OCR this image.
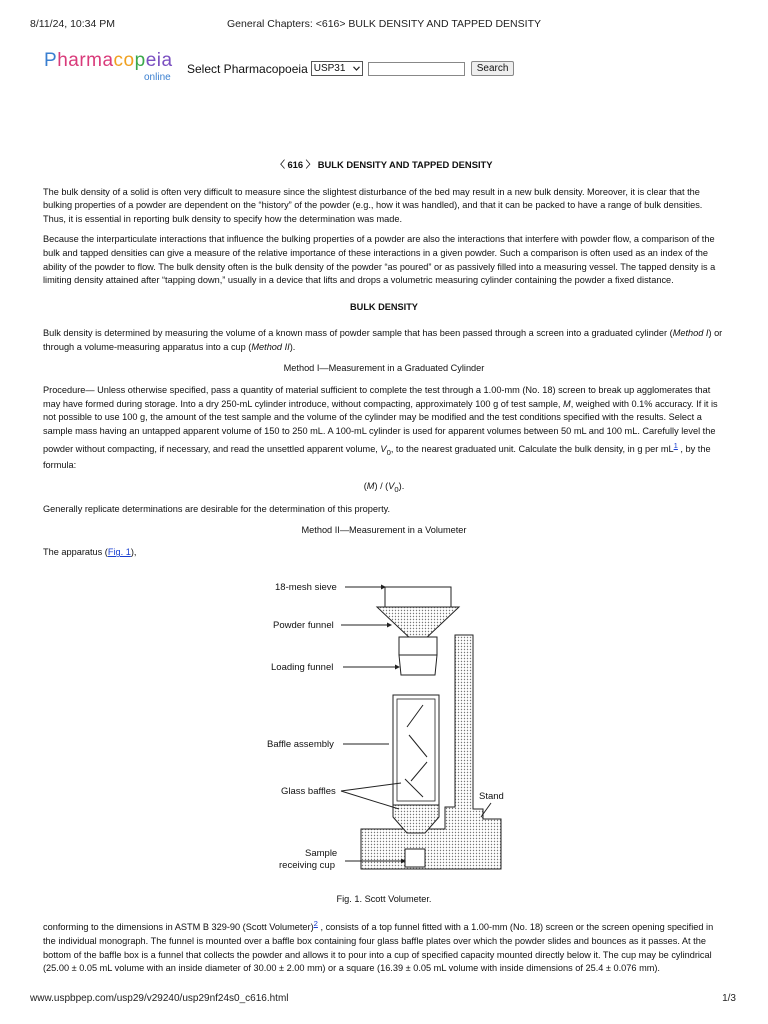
8/11/24, 10:34 PM	General Chapters: <616> BULK DENSITY AND TAPPED DENSITY
Pharmacopeia
online
Select Pharmacopoeia USP31	Search
〈 616 〉 BULK DENSITY AND TAPPED DENSITY

The bulk density of a solid is often very difficult to measure since the slightest disturbance of the bed may result in a new bulk density. Moreover, it is clear that the bulking properties of a powder are dependent on the “history” of the powder (e.g., how it was handled), and that it can be packed to have a range of bulk densities. Thus, it is essential in reporting bulk density to specify how the determination was made.

Because the interparticulate interactions that influence the bulking properties of a powder are also the interactions that interfere with powder flow, a comparison of the bulk and tapped densities can give a measure of the relative importance of these interactions in a given powder. Such a comparison is often used as an index of the ability of the powder to flow. The bulk density often is the bulk density of the powder “as poured” or as passively filled into a measuring vessel. The tapped density is a limiting density attained after “tapping down,” usually in a device that lifts and drops a volumetric measuring cylinder containing the powder a fixed distance.

BULK DENSITY

Bulk density is determined by measuring the volume of a known mass of powder sample that has been passed through a screen into a graduated cylinder (Method I) or through a volume-measuring apparatus into a cup (Method II).

Method I—Measurement in a Graduated Cylinder

Procedure— Unless otherwise specified, pass a quantity of material sufficient to complete the test through a 1.00-mm (No. 18) screen to break up agglomerates that may have formed during storage. Into a dry 250-mL cylinder introduce, without compacting, approximately 100 g of test sample, M, weighed with 0.1% accuracy. If it is not possible to use 100 g, the amount of the test sample and the volume of the cylinder may be modified and the test conditions specified with the results. Select a sample mass having an untapped apparent volume of 150 to 250 mL. A 100-mL cylinder is used for apparent volumes between 50 mL and 100 mL. Carefully level the powder without compacting, if necessary, and read the unsettled apparent volume, $V_0$, to the nearest graduated unit. Calculate the bulk density, in g per $mL^1$ , by the formula:

$(M) / (V_0)$.

Generally replicate determinations are desirable for the determination of this property.

Method II—Measurement in a Volumeter

The apparatus (Fig. 1),

18-mesh sieve
Powder funnel
Loading funnel
Baffle assembly
Glass baffles	Stand
Sample
receiving cup
Fig. 1. Scott Volumeter.

conforming to the dimensions in ASTM B 329-90 (Scott Volumeter)$^2$ , consists of a top funnel fitted with a 1.00-mm (No. 18) screen or the screen opening specified in the individual monograph. The funnel is mounted over a baffle box containing four glass baffle plates over which the powder slides and bounces as it passes. At the bottom of the baffle box is a funnel that collects the powder and allows it to pour into a cup of specified capacity mounted directly below it. The cup may be cylindrical (25.00 ± 0.05 mL volume with an inside diameter of 30.00 ± 2.00 mm) or a square (16.39 ± 0.05 mL volume with inside dimensions of 25.4 ± 0.076 mm).

www.uspbpep.com/usp29/v29240/usp29nf24s0_c616.html	1/3
